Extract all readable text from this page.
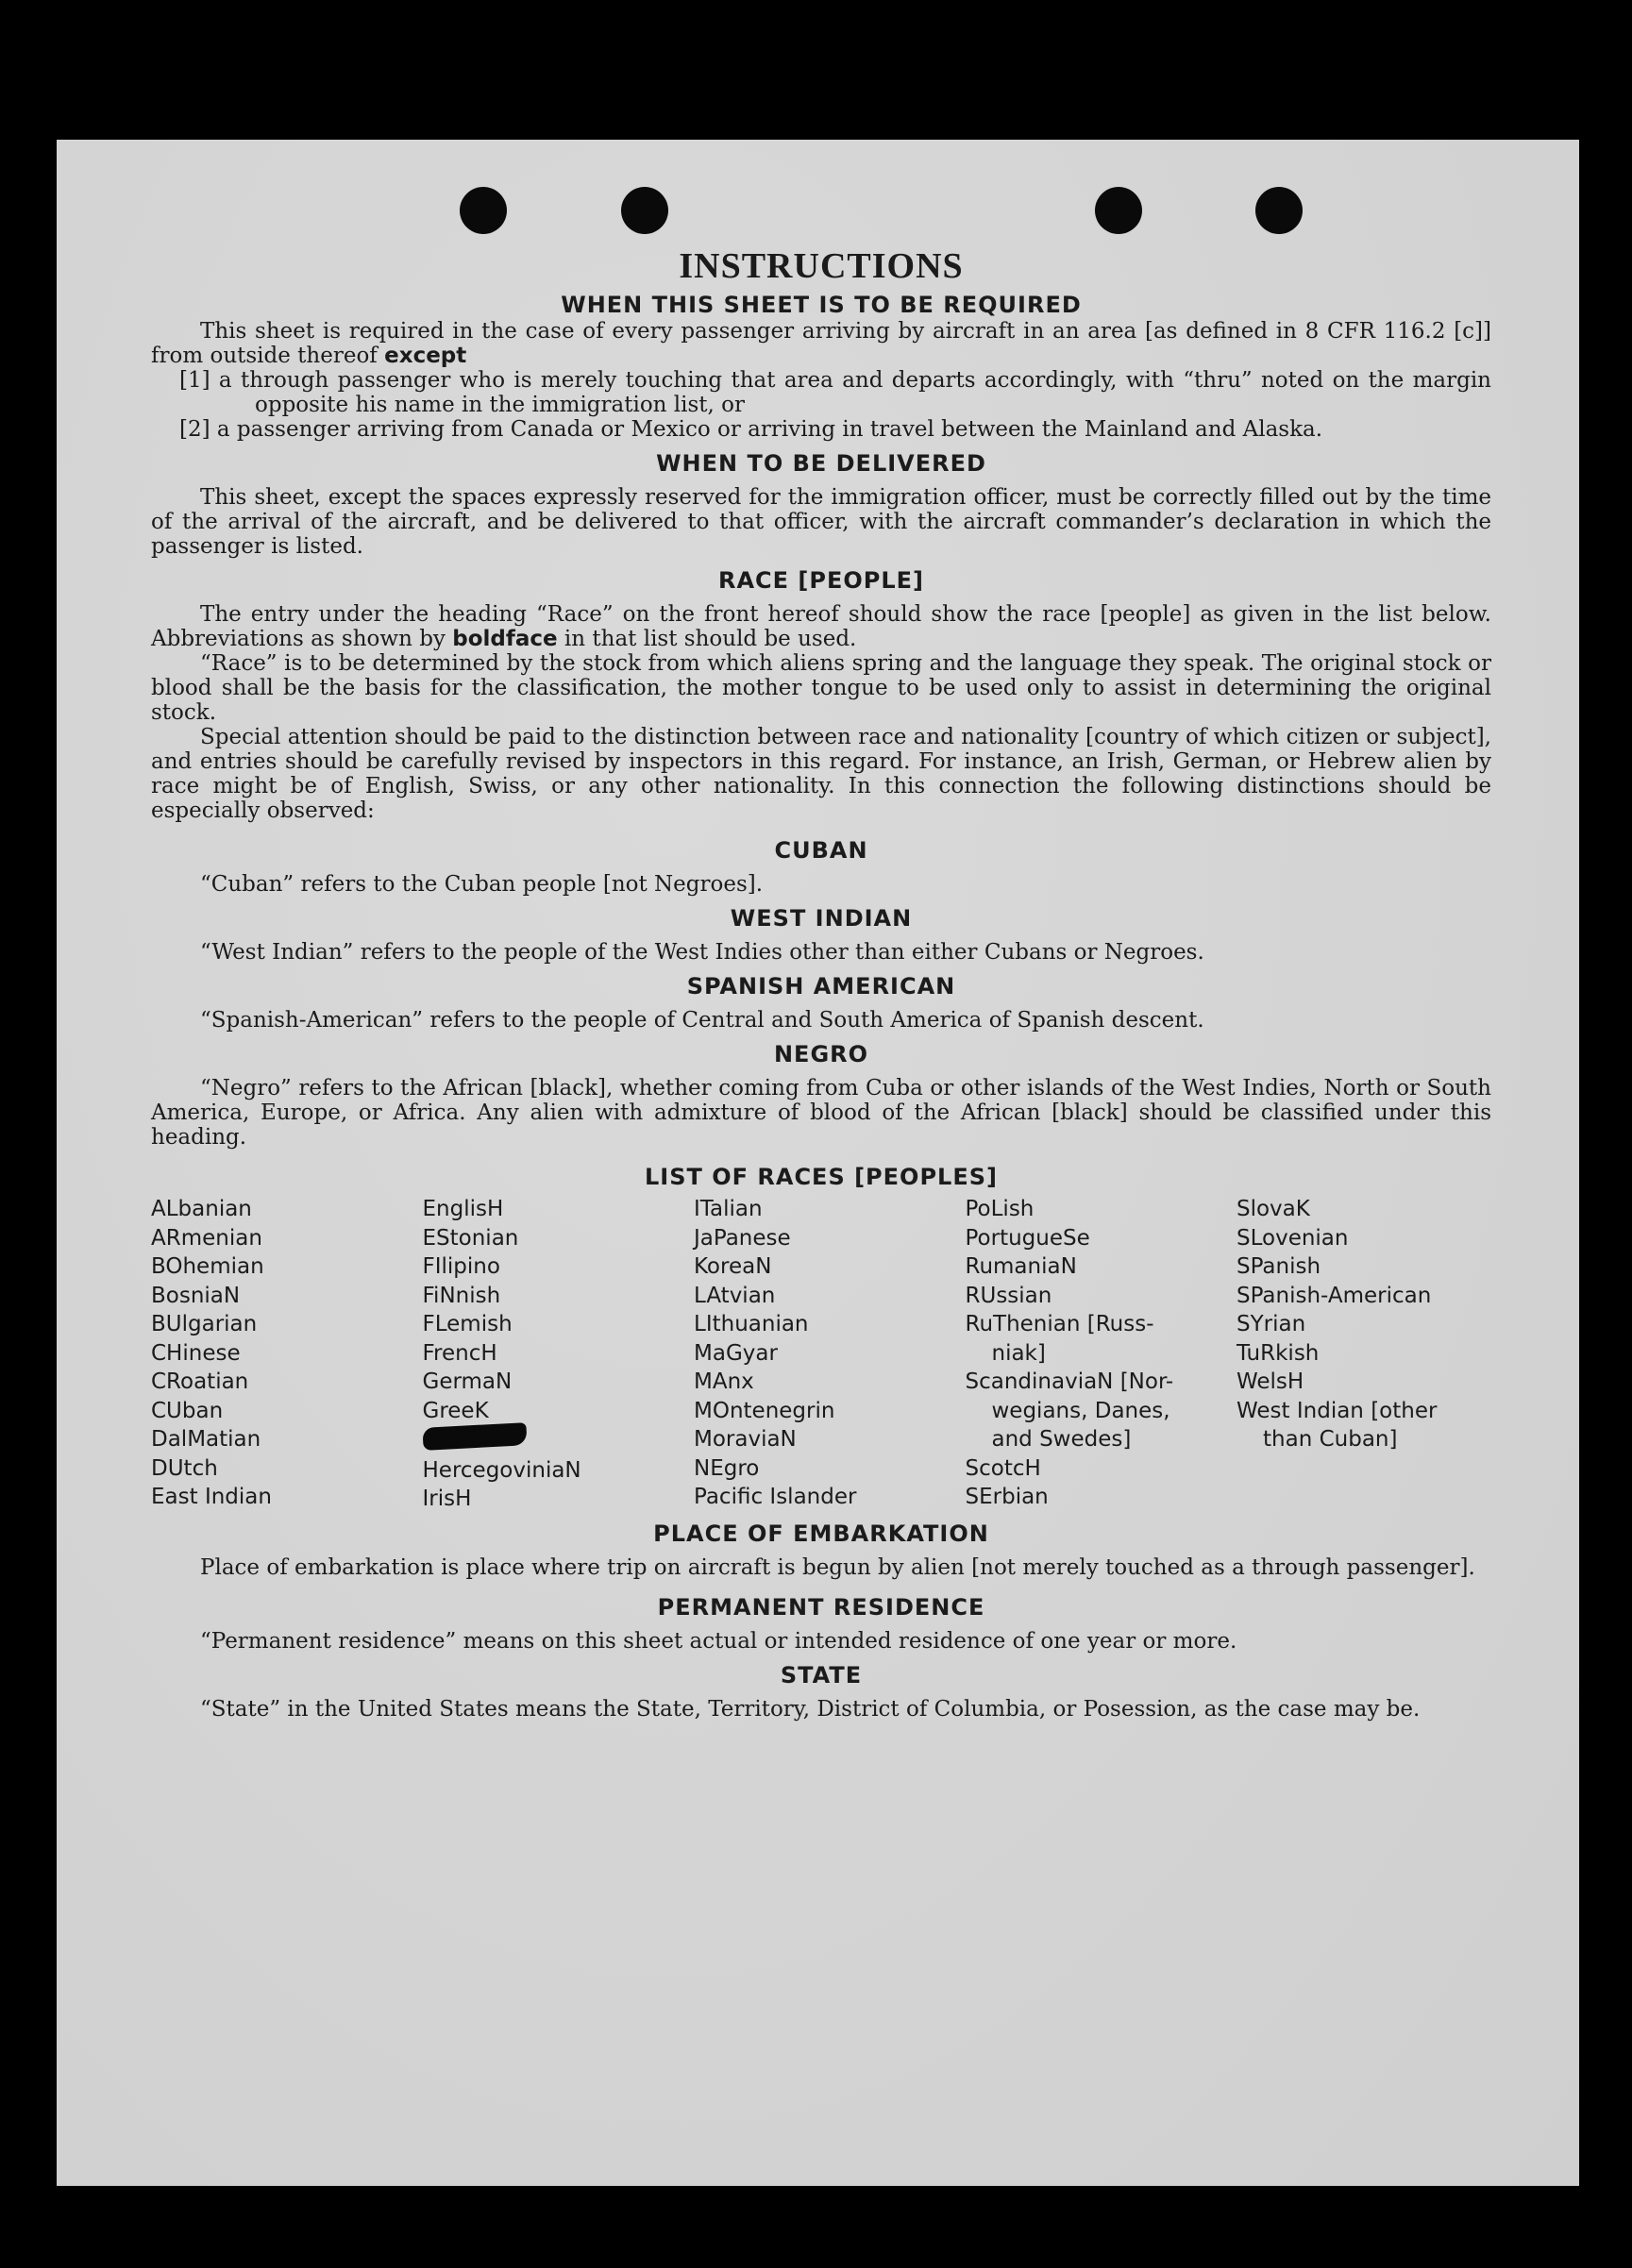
INSTRUCTIONS
WHEN THIS SHEET IS TO BE REQUIRED

This sheet is required in the case of every passenger arriving by aircraft in an area [as defined in 8 CFR 116.2 [c]] from outside thereof except

[1] a through passenger who is merely touching that area and departs accordingly, with “thru” noted on the margin opposite his name in the immigration list, or

[2] a passenger arriving from Canada or Mexico or arriving in travel between the Mainland and Alaska.

WHEN TO BE DELIVERED

This sheet, except the spaces expressly reserved for the immigration officer, must be correctly filled out by the time of the arrival of the aircraft, and be delivered to that officer, with the aircraft commander’s declaration in which the passenger is listed.

RACE [PEOPLE]

The entry under the heading “Race” on the front hereof should show the race [people] as given in the list below. Abbreviations as shown by boldface in that list should be used.

“Race” is to be determined by the stock from which aliens spring and the language they speak. The original stock or blood shall be the basis for the classification, the mother tongue to be used only to assist in determining the original stock.

Special attention should be paid to the distinction between race and nationality [country of which citizen or subject], and entries should be carefully revised by inspectors in this regard. For instance, an Irish, German, or Hebrew alien by race might be of English, Swiss, or any other nationality. In this connection the following distinctions should be especially observed:

CUBAN

“Cuban” refers to the Cuban people [not Negroes].

WEST INDIAN

“West Indian” refers to the people of the West Indies other than either Cubans or Negroes.

SPANISH AMERICAN

“Spanish-American” refers to the people of Central and South America of Spanish descent.

NEGRO

“Negro” refers to the African [black], whether coming from Cuba or other islands of the West Indies, North or South America, Europe, or Africa. Any alien with admixture of blood of the African [black] should be classified under this heading.

LIST OF RACES [PEOPLES]
ALbanian
ARmenian
BOhemian
BosniaN
BUlgarian
CHinese
CRoatian
CUban
DalMatian
DUtch
East Indian
EnglisH
EStonian
FIlipino
FiNnish
FLemish
FrencH
GermaN
GreeK
HercegoviniaN
IrisH
ITalian
JaPanese
KoreaN
LAtvian
LIthuanian
MaGyar
MAnx
MOntenegrin
MoraviaN
NEgro
Pacific Islander
PoLish
PortugueSe
RumaniaN
RUssian
RuThenian [Russ-
niak]
ScandinaviaN [Nor-
wegians, Danes,
and Swedes]
ScotcH
SErbian
SlovaK
SLovenian
SPanish
SPanish-American
SYrian
TuRkish
WelsH
West Indian [other
than Cuban]
PLACE OF EMBARKATION

Place of embarkation is place where trip on aircraft is begun by alien [not merely touched as a through passenger].

PERMANENT RESIDENCE

“Permanent residence” means on this sheet actual or intended residence of one year or more.

STATE

“State” in the United States means the State, Territory, District of Columbia, or Posession, as the case may be.
